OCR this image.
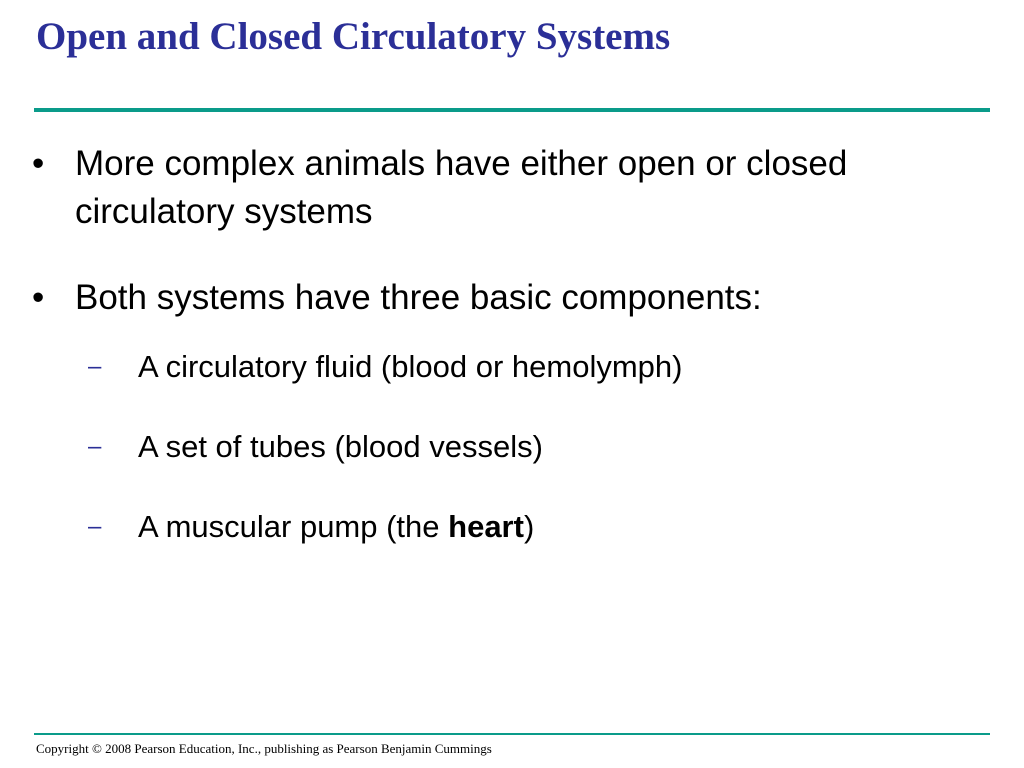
Open and Closed Circulatory Systems
• More complex animals have either open or closed circulatory systems
• Both systems have three basic components:
– A circulatory fluid (blood or hemolymph)
– A set of tubes (blood vessels)
– A muscular pump (the heart)
Copyright © 2008 Pearson Education, Inc., publishing as Pearson Benjamin Cummings
